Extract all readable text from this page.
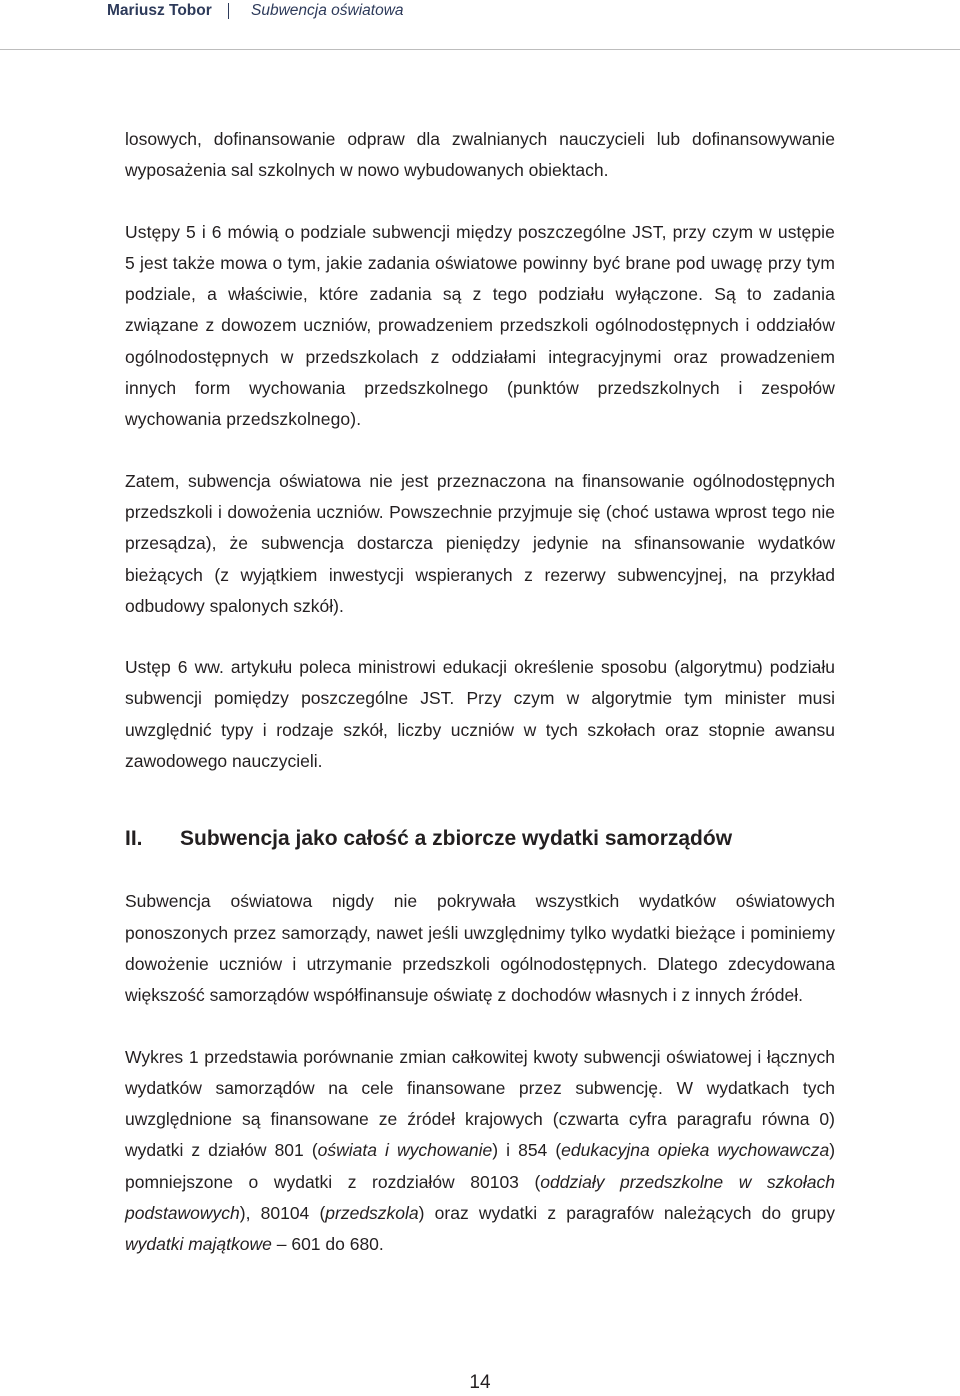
Mariusz Tobor	Subwencja oświatowa

losowych, dofinansowanie odpraw dla zwalnianych nauczycieli lub dofinansowywanie wyposażenia sal szkolnych w nowo wybudowanych obiektach.

Ustępy 5 i 6 mówią o podziale subwencji między poszczególne JST, przy czym w ustępie 5 jest także mowa o tym, jakie zadania oświatowe powinny być brane pod uwagę przy tym podziale, a właściwie, które zadania są z tego podziału wyłączone. Są to zadania związane z dowozem uczniów, prowadzeniem przedszkoli ogólnodostępnych i oddziałów ogólnodostępnych w przedszkolach z oddziałami integracyjnymi oraz prowadzeniem innych form wychowania przedszkolnego (punktów przedszkolnych i zespołów wychowania przedszkolnego).

Zatem, subwencja oświatowa nie jest przeznaczona na finansowanie ogólnodostępnych przedszkoli i dowożenia uczniów. Powszechnie przyjmuje się (choć ustawa wprost tego nie przesądza), że subwencja dostarcza pieniędzy jedynie na sfinansowanie wydatków bieżących (z wyjątkiem inwestycji wspieranych z rezerwy subwencyjnej, na przykład odbudowy spalonych szkół).

Ustęp 6 ww. artykułu poleca ministrowi edukacji określenie sposobu (algorytmu) podziału subwencji pomiędzy poszczególne JST. Przy czym w algorytmie tym minister musi uwzględnić typy i rodzaje szkół, liczby uczniów w tych szkołach oraz stopnie awansu zawodowego nauczycieli.

II.	Subwencja jako całość a zbiorcze wydatki samorządów

Subwencja oświatowa nigdy nie pokrywała wszystkich wydatków oświatowych ponoszonych przez samorządy, nawet jeśli uwzględnimy tylko wydatki bieżące i pominiemy dowożenie uczniów i utrzymanie przedszkoli ogólnodostępnych. Dlatego zdecydowana większość samorządów współfinansuje oświatę z dochodów własnych i z innych źródeł.

Wykres 1 przedstawia porównanie zmian całkowitej kwoty subwencji oświatowej i łącznych wydatków samorządów na cele finansowane przez subwencję. W wydatkach tych uwzględnione są finansowane ze źródeł krajowych (czwarta cyfra paragrafu równa 0) wydatki z działów 801 (oświata i wychowanie) i 854 (edukacyjna opieka wychowawcza) pomniejszone o wydatki z rozdziałów 80103 (oddziały przedszkolne w szkołach podstawowych), 80104 (przedszkola) oraz wydatki z paragrafów należących do grupy wydatki majątkowe – 601 do 680.

14
